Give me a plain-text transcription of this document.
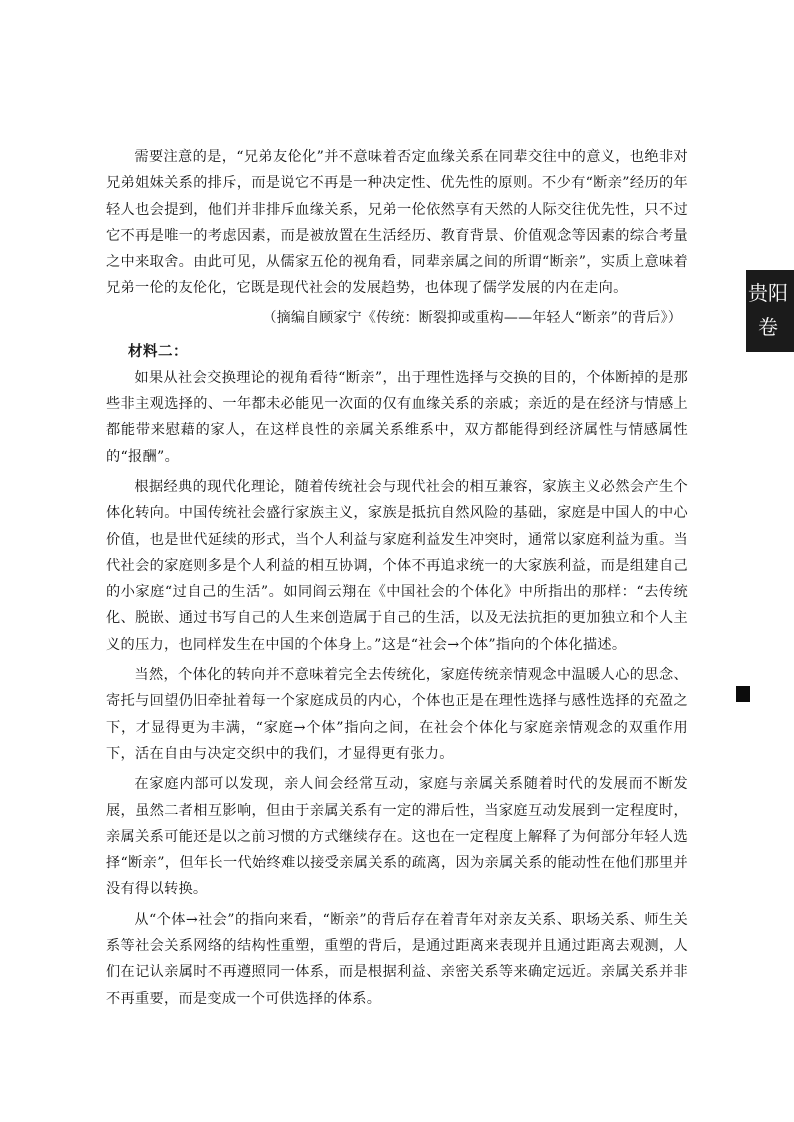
需要注意的是，“兄弟友伦化”并不意味着否定血缘关系在同辈交往中的意义，也绝非对兄弟姐妹关系的排斥，而是说它不再是一种决定性、优先性的原则。不少有“断亲”经历的年轻人也会提到，他们并非排斥血缘关系，兄弟一伦依然享有天然的人际交往优先性，只不过它不再是唯一的考虑因素，而是被放置在生活经历、教育背景、价值观念等因素的综合考量之中来取舍。由此可见，从儒家五伦的视角看，同辈亲属之间的所谓“断亲”，实质上意味着兄弟一伦的友伦化，它既是现代社会的发展趋势，也体现了儒学发展的内在走向。

（摘编自顾家宁《传统：断裂抑或重构——年轻人“断亲”的背后》）

材料二：

如果从社会交换理论的视角看待“断亲”，出于理性选择与交换的目的，个体断掉的是那些非主观选择的、一年都未必能见一次面的仅有血缘关系的亲戚；亲近的是在经济与情感上都能带来慰藉的家人，在这样良性的亲属关系维系中，双方都能得到经济属性与情感属性的“报酬”。

根据经典的现代化理论，随着传统社会与现代社会的相互兼容，家族主义必然会产生个体化转向。中国传统社会盛行家族主义，家族是抵抗自然风险的基础，家庭是中国人的中心价值，也是世代延续的形式，当个人利益与家庭利益发生冲突时，通常以家庭利益为重。当代社会的家庭则多是个人利益的相互协调，个体不再追求统一的大家族利益，而是组建自己的小家庭“过自己的生活”。如同阎云翔在《中国社会的个体化》中所指出的那样：“去传统化、脱嵌、通过书写自己的人生来创造属于自己的生活，以及无法抗拒的更加独立和个人主义的压力，也同样发生在中国的个体身上。”这是“社会→个体”指向的个体化描述。

当然，个体化的转向并不意味着完全去传统化，家庭传统亲情观念中温暖人心的思念、寄托与回望仍旧牵扯着每一个家庭成员的内心，个体也正是在理性选择与感性选择的充盈之下，才显得更为丰满，“家庭→个体”指向之间，在社会个体化与家庭亲情观念的双重作用下，活在自由与决定交织中的我们，才显得更有张力。

在家庭内部可以发现，亲人间会经常互动，家庭与亲属关系随着时代的发展而不断发展，虽然二者相互影响，但由于亲属关系有一定的滞后性，当家庭互动发展到一定程度时，亲属关系可能还是以之前习惯的方式继续存在。这也在一定程度上解释了为何部分年轻人选择“断亲”，但年长一代始终难以接受亲属关系的疏离，因为亲属关系的能动性在他们那里并没有得以转换。

从“个体→社会”的指向来看，“断亲”的背后存在着青年对亲友关系、职场关系、师生关系等社会关系网络的结构性重塑，重塑的背后，是通过距离来表现并且通过距离去观测，人们在记认亲属时不再遵照同一体系，而是根据利益、亲密关系等来确定远近。亲属关系并非不再重要，而是变成一个可供选择的体系。

贵阳
卷
